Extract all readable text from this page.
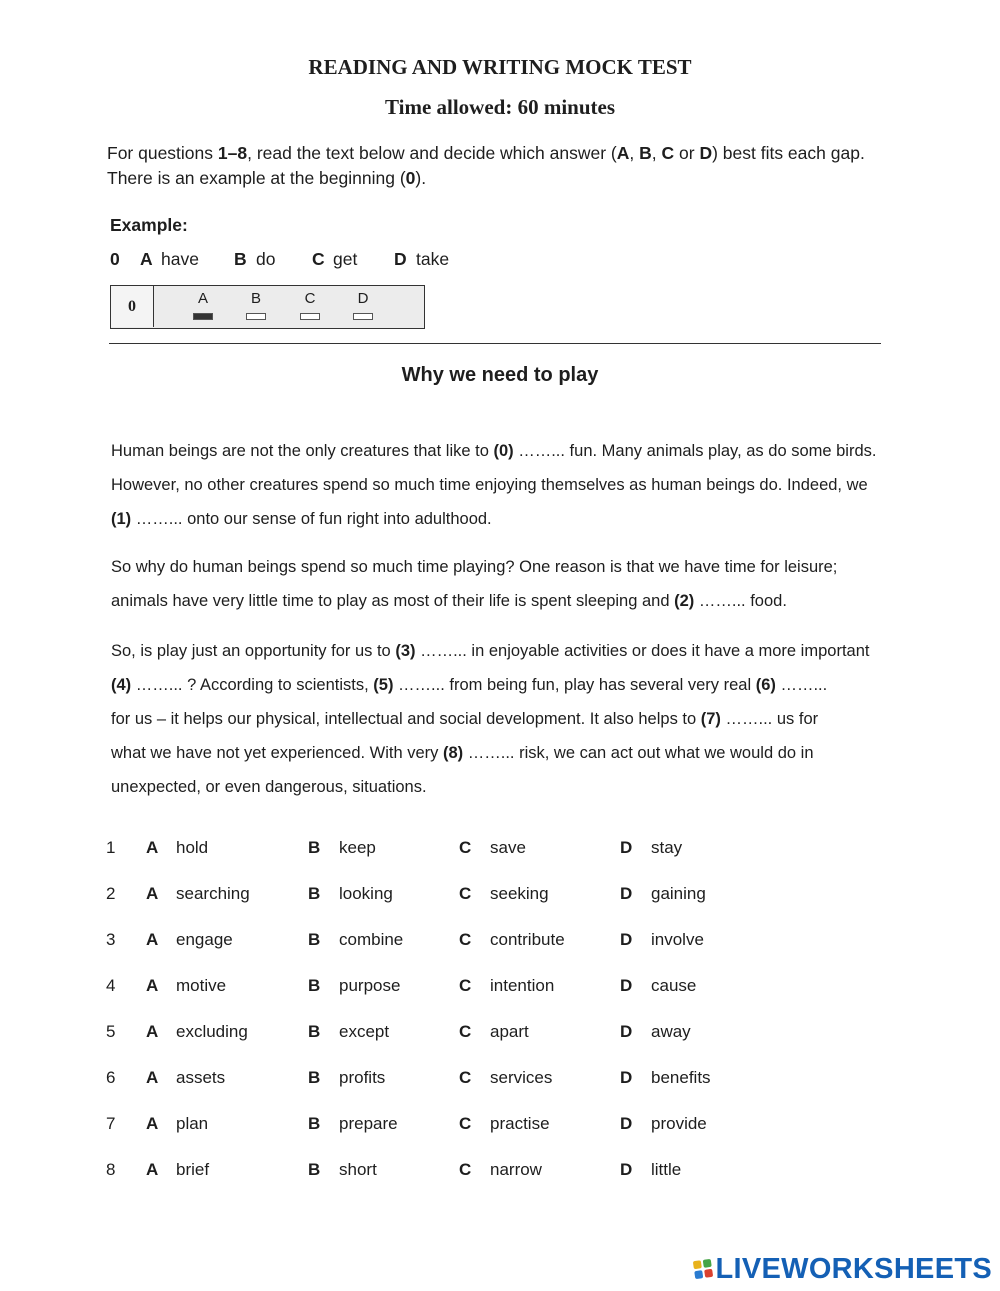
READING AND WRITING MOCK TEST
Time allowed: 60 minutes
For questions 1–8, read the text below and decide which answer (A, B, C or D) best fits each gap.
There is an example at the beginning (0).
Example:
0 A have B do C get D take
0	A	B	C	D
Why we need to play
Human beings are not the only creatures that like to (0) ……... fun. Many animals play, as do some birds.
However, no other creatures spend so much time enjoying themselves as human beings do. Indeed, we
(1) ……... onto our sense of fun right into adulthood.
So why do human beings spend so much time playing? One reason is that we have time for leisure;
animals have very little time to play as most of their life is spent sleeping and (2) ……... food.
So, is play just an opportunity for us to (3) ……... in enjoyable activities or does it have a more important
(4) ……... ? According to scientists, (5) ……... from being fun, play has several very real (6) ……...
for us – it helps our physical, intellectual and social development. It also helps to (7) ……... us for
what we have not yet experienced. With very (8) ……... risk, we can act out what we would do in
unexpected, or even dangerous, situations.
1 A hold	B keep	C save	D stay
2 A searching	B looking	C seeking	D gaining
3 A engage	B combine	C contribute	D involve
4 A motive	B purpose	C intention	D cause
5 A excluding	B except	C apart	D away
6 A assets	B profits	C services	D benefits
7 A plan	B prepare	C practise	D provide
8 A brief	B short	C narrow	D little
LIVEWORKSHEETS
